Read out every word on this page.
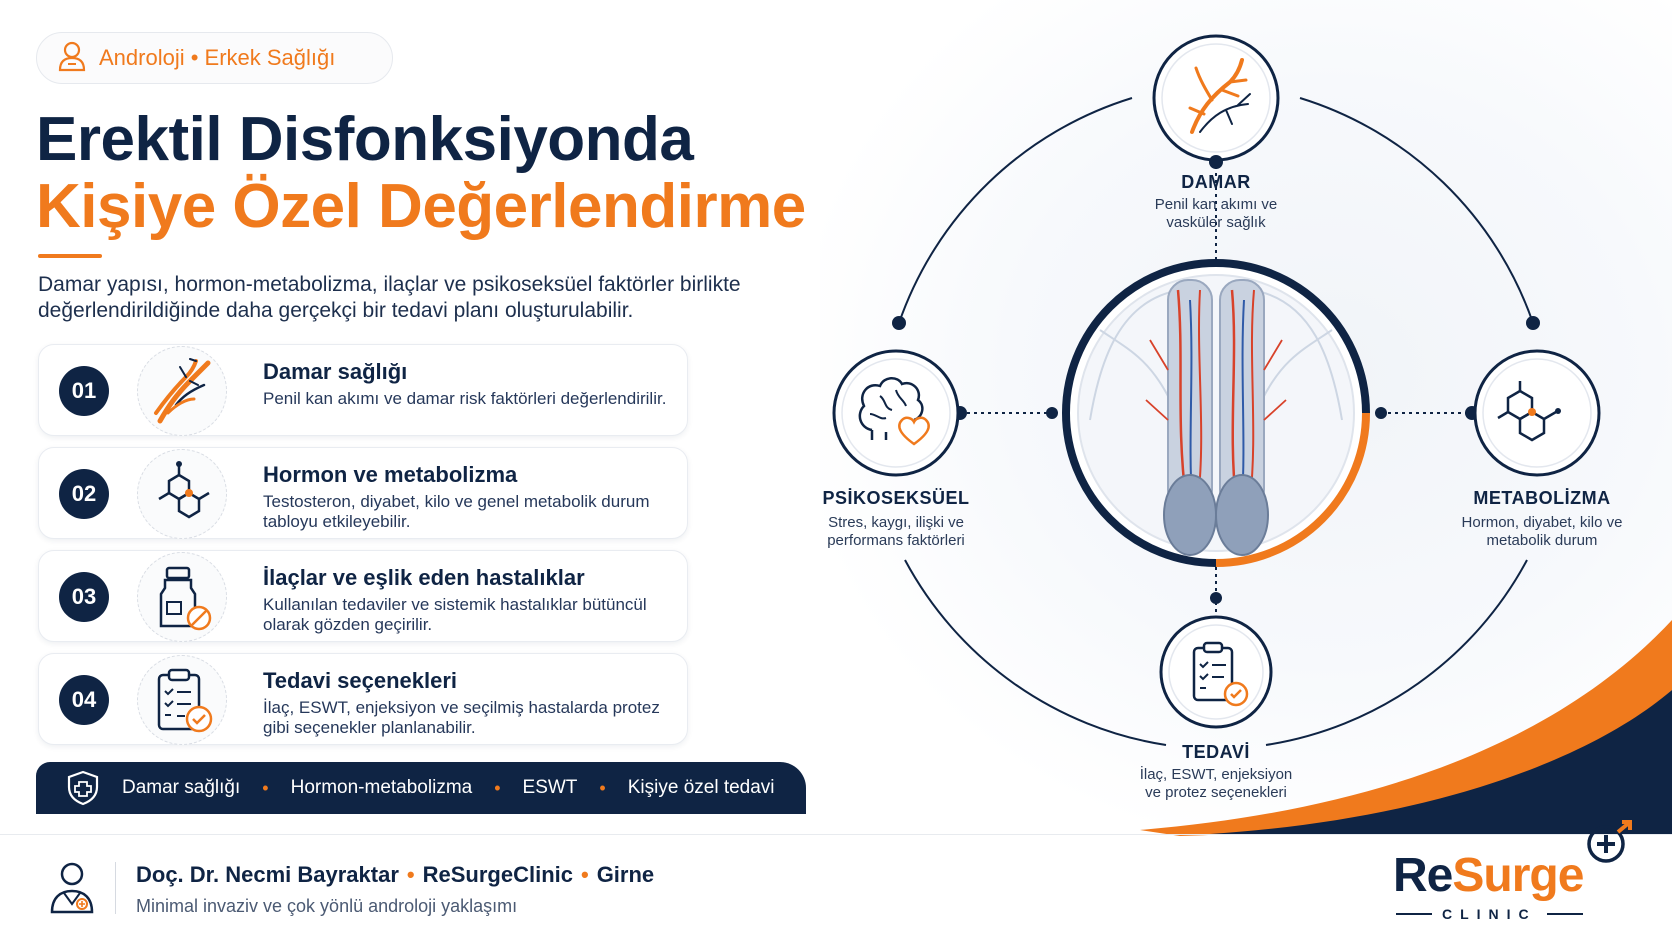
Androloji • Erkek Sağlığı
Erektil Disfonksiyonda
Kişiye Özel Değerlendirme
Damar yapısı, hormon-metabolizma, ilaçlar ve psikoseksüel faktörler birlikte değerlendirildiğinde daha gerçekçi bir tedavi planı oluşturulabilir.
01
Damar sağlığı
Penil kan akımı ve damar risk faktörleri değerlendirilir.
02
Hormon ve metabolizma
Testosteron, diyabet, kilo ve genel metabolik durum tabloyu etkileyebilir.
03
İlaçlar ve eşlik eden hastalıklar
Kullanılan tedaviler ve sistemik hastalıklar bütüncül olarak gözden geçirilir.
04
Tedavi seçenekleri
İlaç, ESWT, enjeksiyon ve seçilmiş hastalarda protez gibi seçenekler planlanabilir.
Damar sağlığı • Hormon-metabolizma • ESWT • Kişiye özel tedavi
DAMAR
Penil kan akımı ve
vasküler sağlık
PSİKOSEKSÜEL
Stres, kaygı, ilişki ve
performans faktörleri
METABOLİZMA
Hormon, diyabet, kilo ve
metabolik durum
TEDAVİ
İlaç, ESWT, enjeksiyon
ve protez seçenekleri
Doç. Dr. Necmi Bayraktar • ReSurgeClinic • Girne
Minimal invaziv ve çok yönlü androloji yaklaşımı
ReSurge
CLINIC
